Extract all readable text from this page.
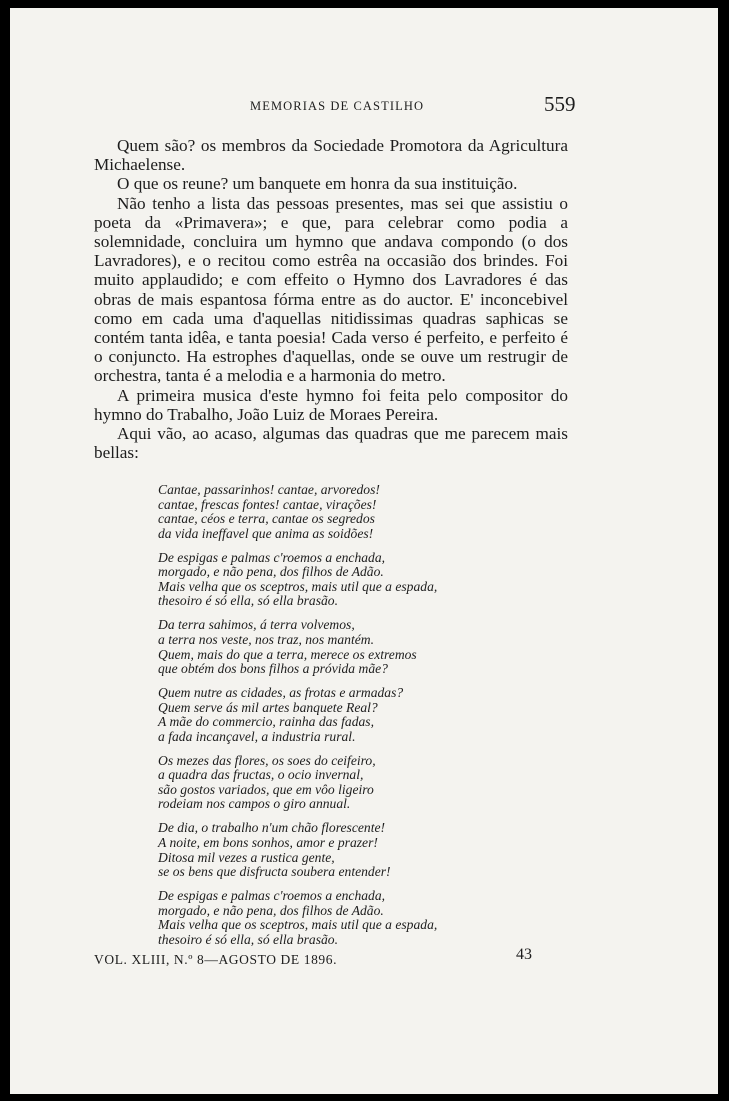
MEMORIAS DE CASTILHO	559

Quem são? os membros da Sociedade Promotora da Agricultura Michaelense.

O que os reune? um banquete em honra da sua instituição.

Não tenho a lista das pessoas presentes, mas sei que assistiu o poeta da «Primavera»; e que, para celebrar como podia a solemnidade, concluira um hymno que andava compondo (o dos Lavradores), e o recitou como estrêa na occasião dos brindes. Foi muito applaudido; e com effeito o Hymno dos Lavradores é das obras de mais espantosa fórma entre as do auctor. E' inconcebivel como em cada uma d'aquellas nitidissimas quadras saphicas se contém tanta idêa, e tanta poesia! Cada verso é perfeito, e perfeito é o conjuncto. Ha estrophes d'aquellas, onde se ouve um restrugir de orchestra, tanta é a melodia e a harmonia do metro.

A primeira musica d'este hymno foi feita pelo compositor do hymno do Trabalho, João Luiz de Moraes Pereira.

Aqui vão, ao acaso, algumas das quadras que me parecem mais bellas:

Cantae, passarinhos! cantae, arvoredos!
cantae, frescas fontes! cantae, virações!
cantae, céos e terra, cantae os segredos
da vida ineffavel que anima as soidões!
De espigas e palmas c'roemos a enchada,
morgado, e não pena, dos filhos de Adão.
Mais velha que os sceptros, mais util que a espada,
thesoiro é só ella, só ella brasão.
Da terra sahimos, á terra volvemos,
a terra nos veste, nos traz, nos mantém.
Quem, mais do que a terra, merece os extremos
que obtém dos bons filhos a próvida mãe?
Quem nutre as cidades, as frotas e armadas?
Quem serve ás mil artes banquete Real?
A mãe do commercio, rainha das fadas,
a fada incançavel, a industria rural.
Os mezes das flores, os soes do ceifeiro,
a quadra das fructas, o ocio invernal,
são gostos variados, que em vôo ligeiro
rodeiam nos campos o giro annual.
De dia, o trabalho n'um chão florescente!
A noite, em bons sonhos, amor e prazer!
Ditosa mil vezes a rustica gente,
se os bens que disfructa soubera entender!
De espigas e palmas c'roemos a enchada,
morgado, e não pena, dos filhos de Adão.
Mais velha que os sceptros, mais util que a espada,
thesoiro é só ella, só ella brasão.
VOL. XLIII, N.º 8—AGOSTO DE 1896.	43
